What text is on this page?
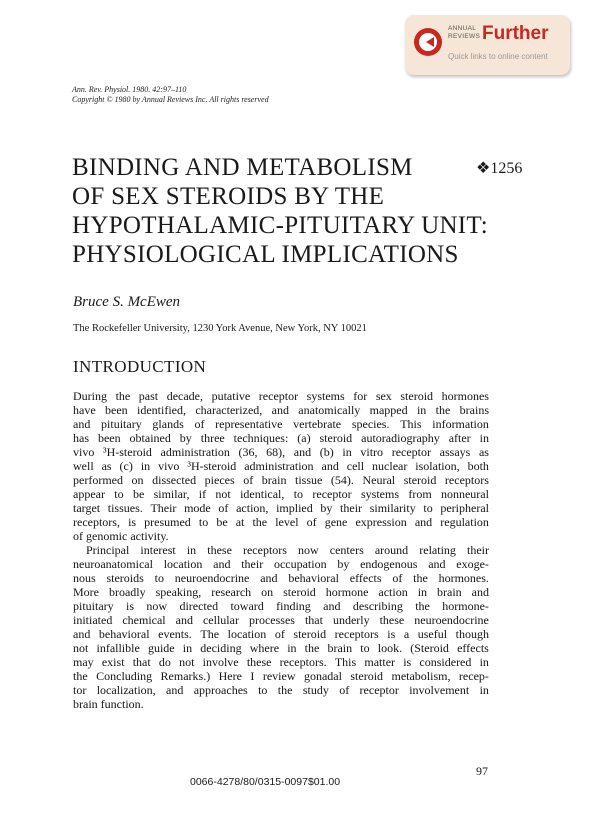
ANNUAL
REVIEWS Further
Quick links to online content
Ann. Rev. Physiol. 1980. 42:97–110
Copyright © 1980 by Annual Reviews Inc. All rights reserved
BINDING AND METABOLISM
OF SEX STEROIDS BY THE
HYPOTHALAMIC-PITUITARY UNIT:
PHYSIOLOGICAL IMPLICATIONS
❖1256
Bruce S. McEwen
The Rockefeller University, 1230 York Avenue, New York, NY 10021
INTRODUCTION
During the past decade, putative receptor systems for sex steroid hormones
have been identified, characterized, and anatomically mapped in the brains
and pituitary glands of representative vertebrate species. This information
has been obtained by three techniques: (a) steroid autoradiography after in
vivo ³H-steroid administration (36, 68), and (b) in vitro receptor assays as
well as (c) in vivo ³H-steroid administration and cell nuclear isolation, both
performed on dissected pieces of brain tissue (54). Neural steroid receptors
appear to be similar, if not identical, to receptor systems from nonneural
target tissues. Their mode of action, implied by their similarity to peripheral
receptors, is presumed to be at the level of gene expression and regulation
of genomic activity.
Principal interest in these receptors now centers around relating their
neuroanatomical location and their occupation by endogenous and exoge-
nous steroids to neuroendocrine and behavioral effects of the hormones.
More broadly speaking, research on steroid hormone action in brain and
pituitary is now directed toward finding and describing the hormone-
initiated chemical and cellular processes that underly these neuroendocrine
and behavioral events. The location of steroid receptors is a useful though
not infallible guide in deciding where in the brain to look. (Steroid effects
may exist that do not involve these receptors. This matter is considered in
the Concluding Remarks.) Here I review gonadal steroid metabolism, recep-
tor localization, and approaches to the study of receptor involvement in
brain function.
97
0066-4278/80/0315-0097$01.00
